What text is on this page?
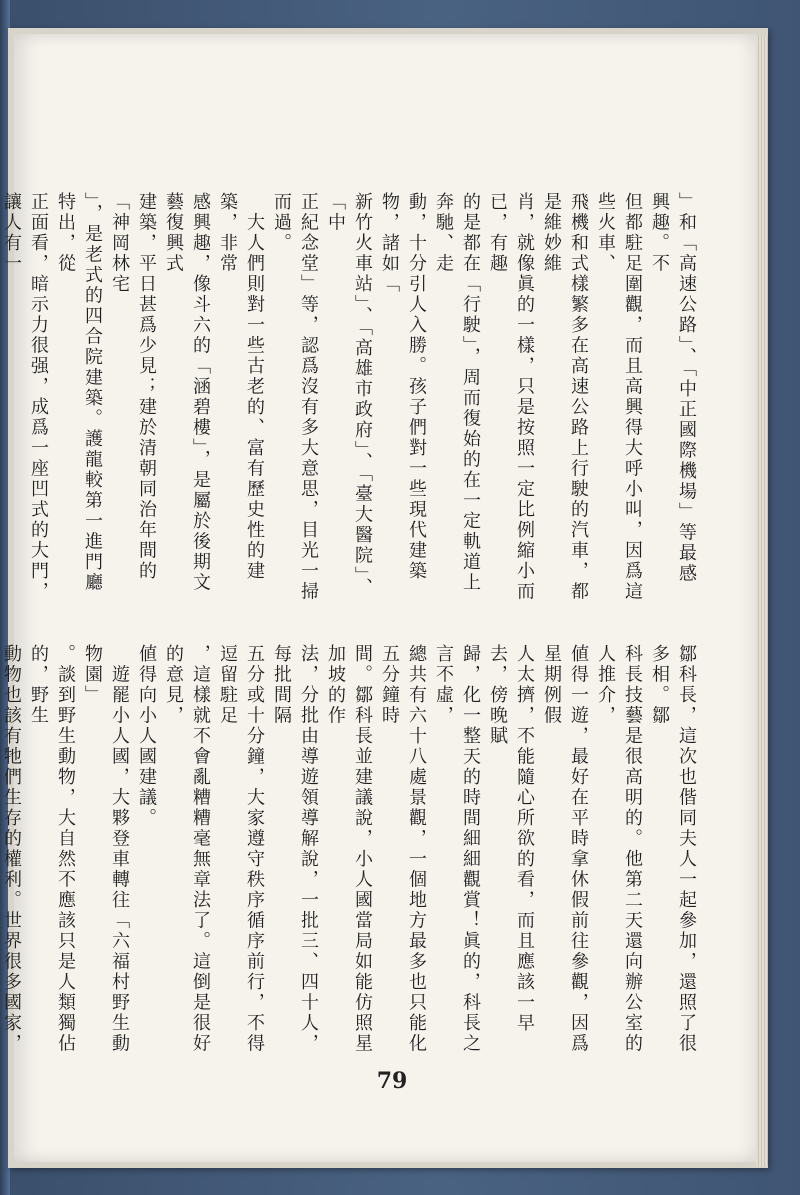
」和「高速公路」、「中正國際機場」等最感興趣。不

但都駐足圍觀，而且高興得大呼小叫，因爲這些火車、

飛機和式樣繁多在高速公路上行駛的汽車，都是維妙維

肖，就像眞的一樣，只是按照一定比例縮小而已，有趣

的是都在「行駛」，周而復始的在一定軌道上奔馳、走

動，十分引人入勝。孩子們對一些現代建築物，諸如「

新竹火車站」、「高雄市政府」、「臺大醫院」、「中

正紀念堂」等，認爲沒有多大意思，目光一掃而過。

　大人們則對一些古老的、富有歷史性的建築，非常

感興趣，像斗六的「涵碧樓」，是屬於後期文藝復興式

建築，平日甚爲少見；建於清朝同治年間的「神岡林宅

」，是老式的四合院建築。護龍較第一進門廳特出，從

正面看，暗示力很强，成爲一座凹式的大門，讓人有一

鄒科長，這次也偕同夫人一起參加，還照了很多相。鄒

科長技藝是很高明的。他第二天還向辦公室的人推介，

値得一遊，最好在平時拿休假前往參觀，因爲星期例假

人太擠，不能隨心所欲的看，而且應該一早去，傍晚賦

歸，化一整天的時間細細觀賞！眞的，科長之言不虛，

總共有六十八處景觀，一個地方最多也只能化五分鐘時

間。鄒科長並建議說，小人國當局如能仿照星加坡的作

法，分批由導遊領導解說，一批三、四十人，每批間隔

五分或十分鐘，大家遵守秩序循序前行，不得逗留駐足

，這樣就不會亂糟糟毫無章法了。這倒是很好的意見，

値得向小人國建議。

　遊罷小人國，大夥登車轉往「六福村野生動物園」

。談到野生動物，大自然不應該只是人類獨佔的，野生

動物也該有牠們生存的權利。世界很多國家，

79
